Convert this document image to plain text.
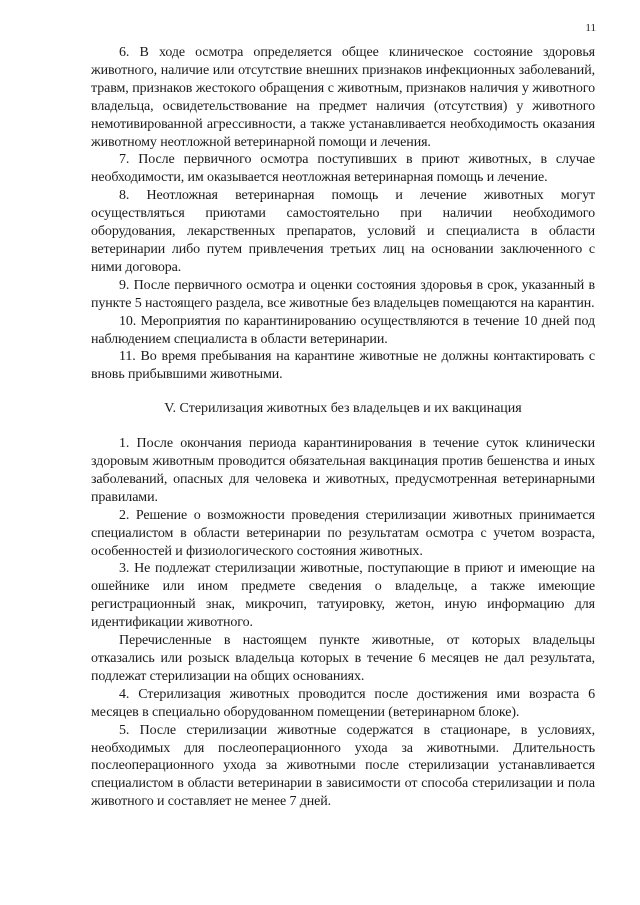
11

6. В ходе осмотра определяется общее клиническое состояние здоровья животного, наличие или отсутствие внешних признаков инфекционных заболеваний, травм, признаков жестокого обращения с животным, признаков наличия у животного владельца, освидетельствование на предмет наличия (отсутствия) у животного немотивированной агрессивности, а также устанавливается необходимость оказания животному неотложной ветеринарной помощи и лечения.

7. После первичного осмотра поступивших в приют животных, в случае необходимости, им оказывается неотложная ветеринарная помощь и лечение.

8. Неотложная ветеринарная помощь и лечение животных могут осуществляться приютами самостоятельно при наличии необходимого оборудования, лекарственных препаратов, условий и специалиста в области ветеринарии либо путем привлечения третьих лиц на основании заключенного с ними договора.

9. После первичного осмотра и оценки состояния здоровья в срок, указанный в пункте 5 настоящего раздела, все животные без владельцев помещаются на карантин.

10. Мероприятия по карантинированию осуществляются в течение 10 дней под наблюдением специалиста в области ветеринарии.

11. Во время пребывания на карантине животные не должны контактировать с вновь прибывшими животными.

V. Стерилизация животных без владельцев и их вакцинация

1. После окончания периода карантинирования в течение суток клинически здоровым животным проводится обязательная вакцинация против бешенства и иных заболеваний, опасных для человека и животных, предусмотренная ветеринарными правилами.

2. Решение о возможности проведения стерилизации животных принимается специалистом в области ветеринарии по результатам осмотра с учетом возраста, особенностей и физиологического состояния животных.

3. Не подлежат стерилизации животные, поступающие в приют и имеющие на ошейнике или ином предмете сведения о владельце, а также имеющие регистрационный знак, микрочип, татуировку, жетон, иную информацию для идентификации животного.

Перечисленные в настоящем пункте животные, от которых владельцы отказались или розыск владельца которых в течение 6 месяцев не дал результата, подлежат стерилизации на общих основаниях.

4. Стерилизация животных проводится после достижения ими возраста 6 месяцев в специально оборудованном помещении (ветеринарном блоке).

5. После стерилизации животные содержатся в стационаре, в условиях, необходимых для послеоперационного ухода за животными. Длительность послеоперационного ухода за животными после стерилизации устанавливается специалистом в области ветеринарии в зависимости от способа стерилизации и пола животного и составляет не менее 7 дней.
